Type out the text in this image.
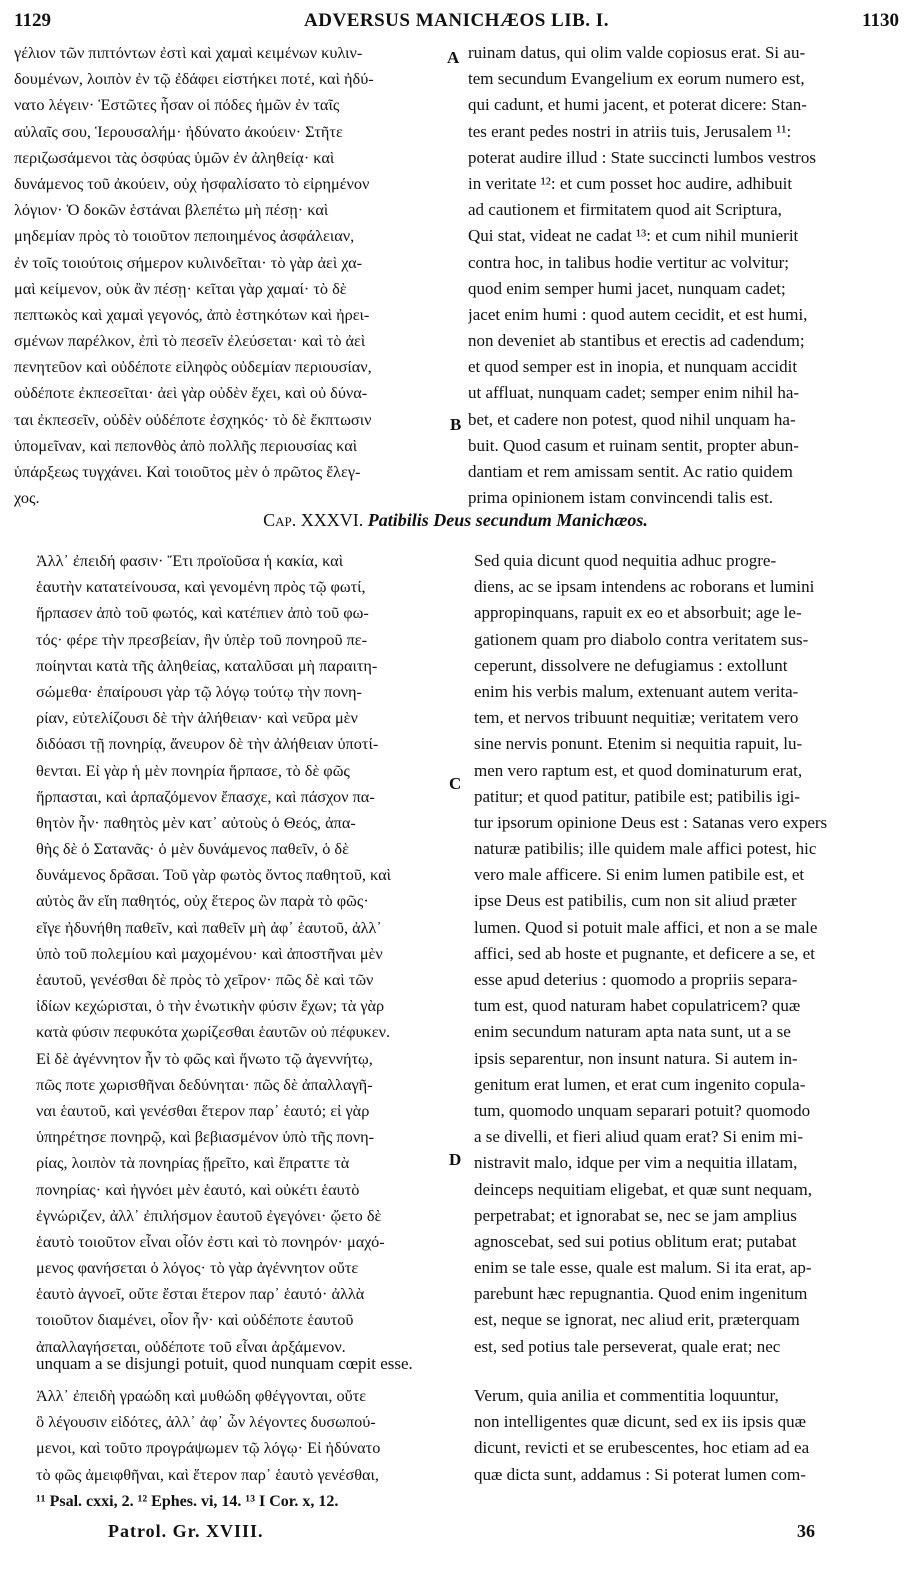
1129	ADVERSUS MANICHÆOS LIB. I.	1130
γέλιον τῶν πιπτόντων ἐστὶ καὶ χαμαὶ κειμένων κυλιν-
δουμένων, λοιπὸν ἐν τῷ ἐδάφει εἱστήκει ποτέ, καὶ ἠδύ-
νατο λέγειν· Ἑστῶτες ἦσαν οἱ πόδες ἡμῶν ἐν ταῖς
αὐλαῖς σου, Ἱερουσαλήμ· ἠδύνατο ἀκούειν· Στῆτε
περιζωσάμενοι τὰς ὀσφύας ὑμῶν ἐν ἀληθείᾳ· καὶ
δυνάμενος τοῦ ἀκούειν, οὐχ ἠσφαλίσατο τὸ εἰρημένον
λόγιον· Ὁ δοκῶν ἑστάναι βλεπέτω μὴ πέσῃ· καὶ
μηδεμίαν πρὸς τὸ τοιοῦτον πεποιημένος ἀσφάλειαν,
ἐν τοῖς τοιούτοις σήμερον κυλινδεῖται· τὸ γὰρ ἀεὶ χα-
μαὶ κείμενον, οὐκ ἂν πέσῃ· κεῖται γὰρ χαμαί· τὸ δὲ
πεπτωκὸς καὶ χαμαὶ γεγονός, ἀπὸ ἑστηκότων καὶ ἠρει-
σμένων παρέλκον, ἐπὶ τὸ πεσεῖν ἐλεύσεται· καὶ τὸ ἀεὶ
πενητεῦον καὶ οὐδέποτε εἰληφὸς οὐδεμίαν περιουσίαν,
οὐδέποτε ἐκπεσεῖται· ἀεὶ γὰρ οὐδὲν ἔχει, καὶ οὐ δύνα-
ται ἐκπεσεῖν, οὐδὲν οὐδέποτε ἐσχηκός· τὸ δὲ ἔκπτωσιν
ὑπομεῖναν, καὶ πεπονθὸς ἀπὸ πολλῆς περιουσίας καὶ
ὑπάρξεως τυγχάνει. Καὶ τοιοῦτος μὲν ὁ πρῶτος ἔλεγ-
χος.
ruinam datus, qui olim valde copiosus erat. Si au-
tem secundum Evangelium ex eorum numero est,
qui cadunt, et humi jacent, et poterat dicere: Stan-
tes erant pedes nostri in atriis tuis, Jerusalem ¹¹:
poterat audire illud : State succincti lumbos vestros
in veritate ¹²: et cum posset hoc audire, adhibuit
ad cautionem et firmitatem quod ait Scriptura,
Qui stat, videat ne cadat ¹³: et cum nihil munierit
contra hoc, in talibus hodie vertitur ac volvitur;
quod enim semper humi jacet, nunquam cadet;
jacet enim humi : quod autem cecidit, et est humi,
non deveniet ab stantibus et erectis ad cadendum;
et quod semper est in inopia, et nunquam accidit
ut affluat, nunquam cadet; semper enim nihil ha-
bet, et cadere non potest, quod nihil unquam ha-
buit. Quod casum et ruinam sentit, propter abun-
dantiam et rem amissam sentit. Ac ratio quidem
prima opinionem istam convincendi talis est.
A
B
Cap. XXXVI. Patibilis Deus secundum Manichæos.
Ἀλλ᾽ ἐπειδή φασιν· Ἔτι προϊοῦσα ἡ κακία, καὶ
ἑαυτὴν κατατείνουσα, καὶ γενομένη πρὸς τῷ φωτί,
ἥρπασεν ἀπὸ τοῦ φωτός, καὶ κατέπιεν ἀπὸ τοῦ φω-
τός· φέρε τὴν πρεσβείαν, ἣν ὑπὲρ τοῦ πονηροῦ πε-
ποίηνται κατὰ τῆς ἀληθείας, καταλῦσαι μὴ παραιτη-
σώμεθα· ἐπαίρουσι γὰρ τῷ λόγῳ τούτῳ τὴν πονη-
ρίαν, εὐτελίζουσι δὲ τὴν ἀλήθειαν· καὶ νεῦρα μὲν
διδόασι τῇ πονηρίᾳ, ἄνευρον δὲ τὴν ἀλήθειαν ὑποτί-
θενται. Εἰ γὰρ ἡ μὲν πονηρία ἥρπασε, τὸ δὲ φῶς
ἥρπασται, καὶ ἁρπαζόμενον ἔπασχε, καὶ πάσχον πα-
θητὸν ἦν· παθητὸς μὲν κατ᾽ αὐτοὺς ὁ Θεός, ἀπα-
θὴς δὲ ὁ Σατανᾶς· ὁ μὲν δυνάμενος παθεῖν, ὁ δὲ
δυνάμενος δρᾶσαι. Τοῦ γὰρ φωτὸς ὄντος παθητοῦ, καὶ
αὐτὸς ἂν εἴη παθητός, οὐχ ἕτερος ὢν παρὰ τὸ φῶς·
εἴγε ἠδυνήθη παθεῖν, καὶ παθεῖν μὴ ἀφ᾽ ἑαυτοῦ, ἀλλ᾽
ὑπὸ τοῦ πολεμίου καὶ μαχομένου· καὶ ἀποστῆναι μὲν
ἑαυτοῦ, γενέσθαι δὲ πρὸς τὸ χεῖρον· πῶς δὲ καὶ τῶν
ἰδίων κεχώρισται, ὁ τὴν ἑνωτικὴν φύσιν ἔχων; τὰ γὰρ
κατὰ φύσιν πεφυκότα χωρίζεσθαι ἑαυτῶν οὐ πέφυκεν.
Εἰ δὲ ἀγέννητον ἦν τὸ φῶς καὶ ἥνωτο τῷ ἀγεννήτῳ,
πῶς ποτε χωρισθῆναι δεδύνηται· πῶς δὲ ἀπαλλαγῆ-
ναι ἑαυτοῦ, καὶ γενέσθαι ἕτερον παρ᾽ ἑαυτό; εἰ γὰρ
ὑπηρέτησε πονηρῷ, καὶ βεβιασμένον ὑπὸ τῆς πονη-
ρίας, λοιπὸν τὰ πονηρίας ᾕρεῖτο, καὶ ἔπραττε τὰ
πονηρίας· καὶ ἠγνόει μὲν ἑαυτό, καὶ οὐκέτι ἑαυτὸ
ἐγνώριζεν, ἀλλ᾽ ἐπιλήσμον ἑαυτοῦ ἐγεγόνει· ᾤετο δὲ
ἑαυτὸ τοιοῦτον εἶναι οἷόν ἐστι καὶ τὸ πονηρόν· μαχό-
μενος φανήσεται ὁ λόγος· τὸ γὰρ ἀγέννητον οὔτε
ἑαυτὸ ἀγνοεῖ, οὔτε ἔσται ἕτερον παρ᾽ ἑαυτό· ἀλλὰ
τοιοῦτον διαμένει, οἷον ἦν· καὶ οὐδέποτε ἑαυτοῦ
ἀπαλλαγήσεται, οὐδέποτε τοῦ εἶναι ἀρξάμενον.
Sed quia dicunt quod nequitia adhuc progre-
diens, ac se ipsam intendens ac roborans et lumini
appropinquans, rapuit ex eo et absorbuit; age le-
gationem quam pro diabolo contra veritatem sus-
ceperunt, dissolvere ne defugiamus : extollunt
enim his verbis malum, extenuant autem verita-
tem, et nervos tribuunt nequitiæ; veritatem vero
sine nervis ponunt. Etenim si nequitia rapuit, lu-
men vero raptum est, et quod dominaturum erat,
patitur; et quod patitur, patibile est; patibilis igi-
tur ipsorum opinione Deus est : Satanas vero expers
naturæ patibilis; ille quidem male affici potest, hic
vero male afficere. Si enim lumen patibile est, et
ipse Deus est patibilis, cum non sit aliud præter
lumen. Quod si potuit male affici, et non a se male
affici, sed ab hoste et pugnante, et deficere a se, et
esse apud deterius : quomodo a propriis separa-
tum est, quod naturam habet copulatricem? quæ
enim secundum naturam apta nata sunt, ut a se
ipsis separentur, non insunt natura. Si autem in-
genitum erat lumen, et erat cum ingenito copula-
tum, quomodo unquam separari potuit? quomodo
a se divelli, et fieri aliud quam erat? Si enim mi-
nistravit malo, idque per vim a nequitia illatam,
deinceps nequitiam eligebat, et quæ sunt nequam,
perpetrabat; et ignorabat se, nec se jam amplius
agnoscebat, sed sui potius oblitum erat; putabat
enim se tale esse, quale est malum. Si ita erat, ap-
parebunt hæc repugnantia. Quod enim ingenitum
est, neque se ignorat, nec aliud erit, præterquam
est, sed potius tale perseverat, quale erat; nec
C
D
unquam a se disjungi potuit, quod nunquam cœpit esse.
Ἀλλ᾽ ἐπειδὴ γραώδη καὶ μυθώδη φθέγγονται, οὔτε
ὃ λέγουσιν εἰδότες, ἀλλ᾽ ἀφ᾽ ὧν λέγοντες δυσωπού-
μενοι, καὶ τοῦτο προγράψωμεν τῷ λόγῳ· Εἰ ἠδύνατο
τὸ φῶς ἀμειφθῆναι, καὶ ἕτερον παρ᾽ ἑαυτὸ γενέσθαι,
Verum, quia anilia et commentitia loquuntur,
non intelligentes quæ dicunt, sed ex iis ipsis quæ
dicunt, revicti et se erubescentes, hoc etiam ad ea
quæ dicta sunt, addamus : Si poterat lumen com-
¹¹ Psal. cxxi, 2. ¹² Ephes. vi, 14. ¹³ I Cor. x, 12.
Patrol. Gr. XVIII.	36
